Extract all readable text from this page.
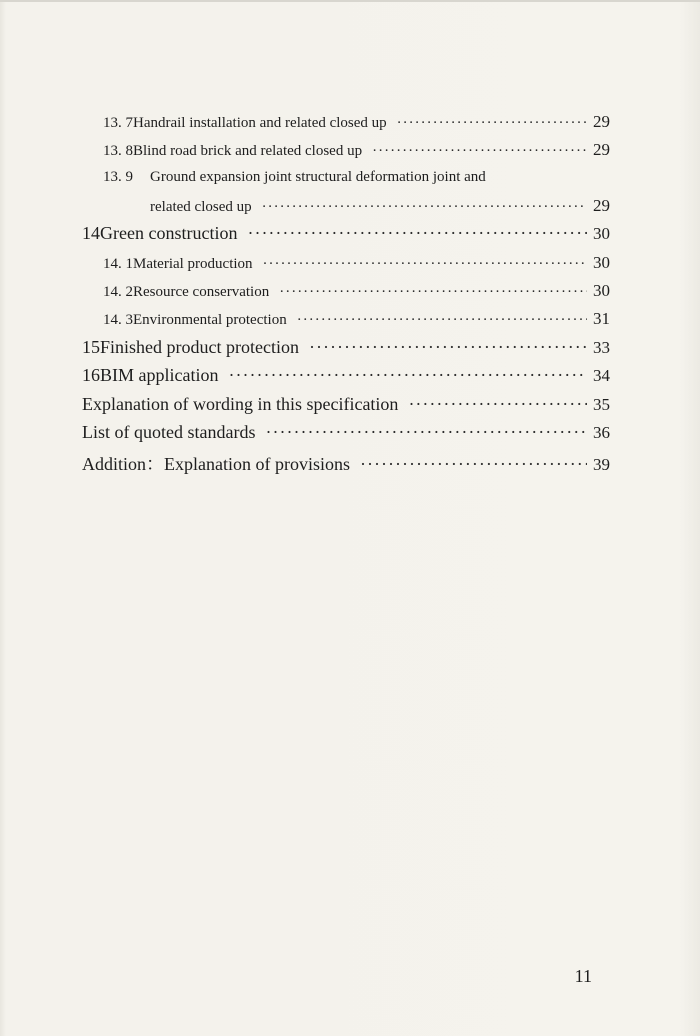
13. 7 Handrail installation and related closed up ·····	29
13. 8 Blind road brick and related closed up ·····	29
13. 9	Ground expansion joint structural deformation joint and
related closed up ·····	29
14 Green construction ·····	30
14. 1 Material production ·····	30
14. 2 Resource conservation ·····	30
14. 3 Environmental protection ·····	31
15 Finished product protection ·····	33
16 BIM application ·····	34
Explanation of wording in this specification ·····	35
List of quoted standards ·····	36
Addition：Explanation of provisions ·····	39
11
